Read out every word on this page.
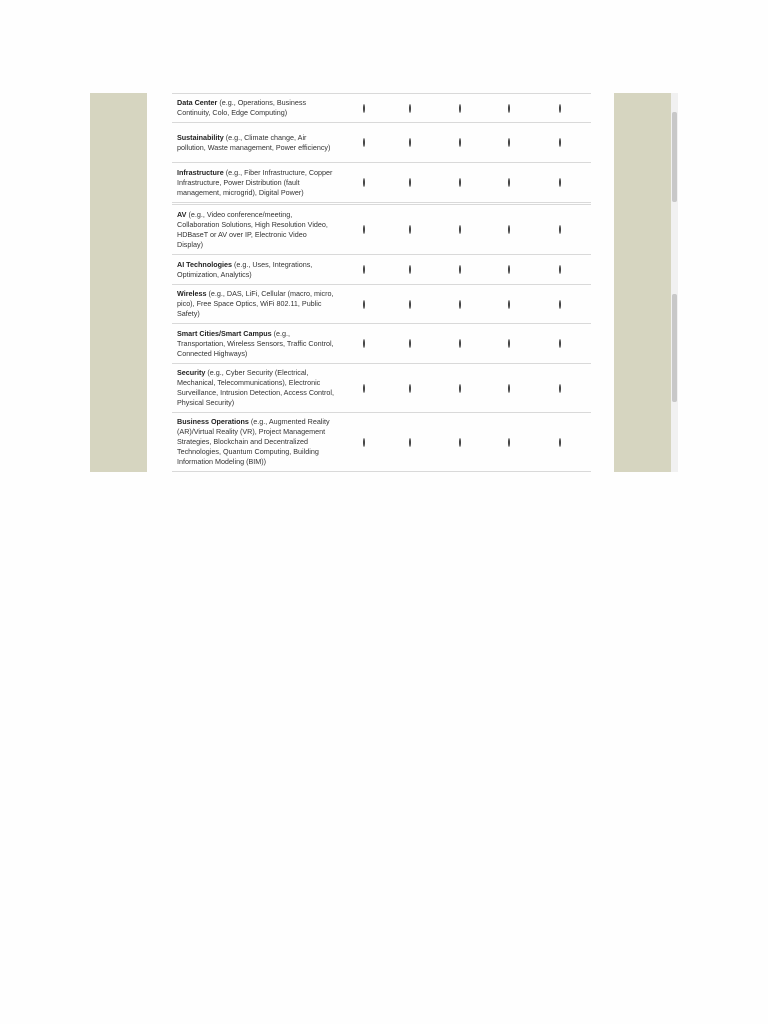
Data Center (e.g., Operations, Business Continuity, Colo, Edge Computing)
Sustainability (e.g., Climate change, Air pollution, Waste management, Power efficiency)
Infrastructure (e.g., Fiber Infrastructure, Copper Infrastructure, Power Distribution (fault management, microgrid), Digital Power)
AV (e.g., Video conference/meeting, Collaboration Solutions, High Resolution Video, HDBaseT or AV over IP, Electronic Video Display)
AI Technologies (e.g., Uses, Integrations, Optimization, Analytics)
Wireless (e.g., DAS, LiFi, Cellular (macro, micro, pico), Free Space Optics, WiFi 802.11, Public Safety)
Smart Cities/Smart Campus (e.g., Transportation, Wireless Sensors, Traffic Control, Connected Highways)
Security (e.g., Cyber Security (Electrical, Mechanical, Telecommunications), Electronic Surveillance, Intrusion Detection, Access Control, Physical Security)
Business Operations (e.g., Augmented Reality (AR)/Virtual Reality (VR), Project Management Strategies, Blockchain and Decentralized Technologies, Quantum Computing, Building Information Modeling (BIM))
